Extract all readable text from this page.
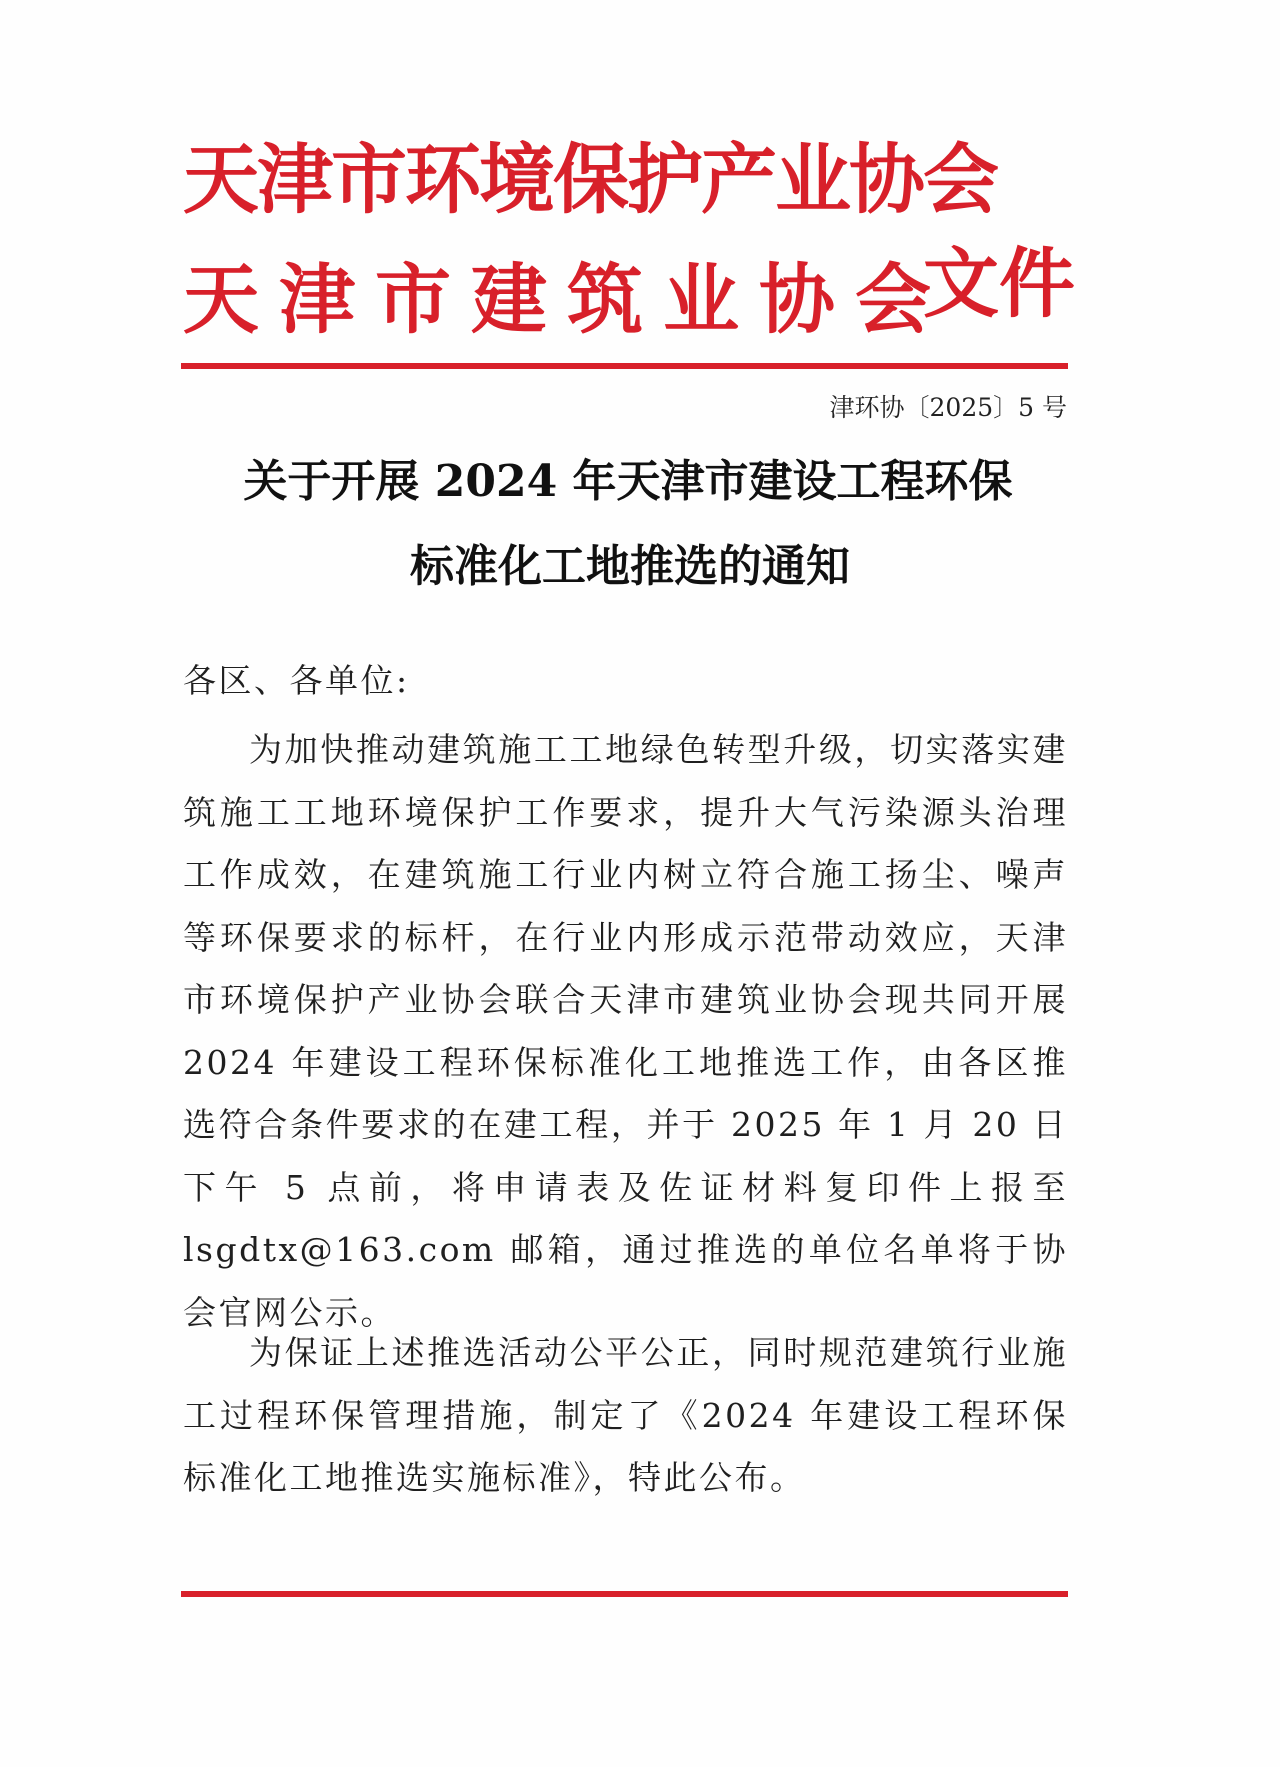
天津市环境保护产业协会
天津市建筑业协会
文件
津环协〔2025〕5 号
关于开展 2024 年天津市建设工程环保
标准化工地推选的通知
各区、各单位:
为加快推动建筑施工工地绿色转型升级，切实落实建筑施工工地环境保护工作要求，提升大气污染源头治理工作成效，在建筑施工行业内树立符合施工扬尘、噪声等环保要求的标杆，在行业内形成示范带动效应，天津市环境保护产业协会联合天津市建筑业协会现共同开展 2024 年建设工程环保标准化工地推选工作，由各区推选符合条件要求的在建工程，并于 2025 年 1 月 20 日下午 5 点前，将申请表及佐证材料复印件上报至 lsgdtx@163.com 邮箱，通过推选的单位名单将于协会官网公示。
为保证上述推选活动公平公正，同时规范建筑行业施工过程环保管理措施，制定了《2024 年建设工程环保标准化工地推选实施标准》，特此公布。
